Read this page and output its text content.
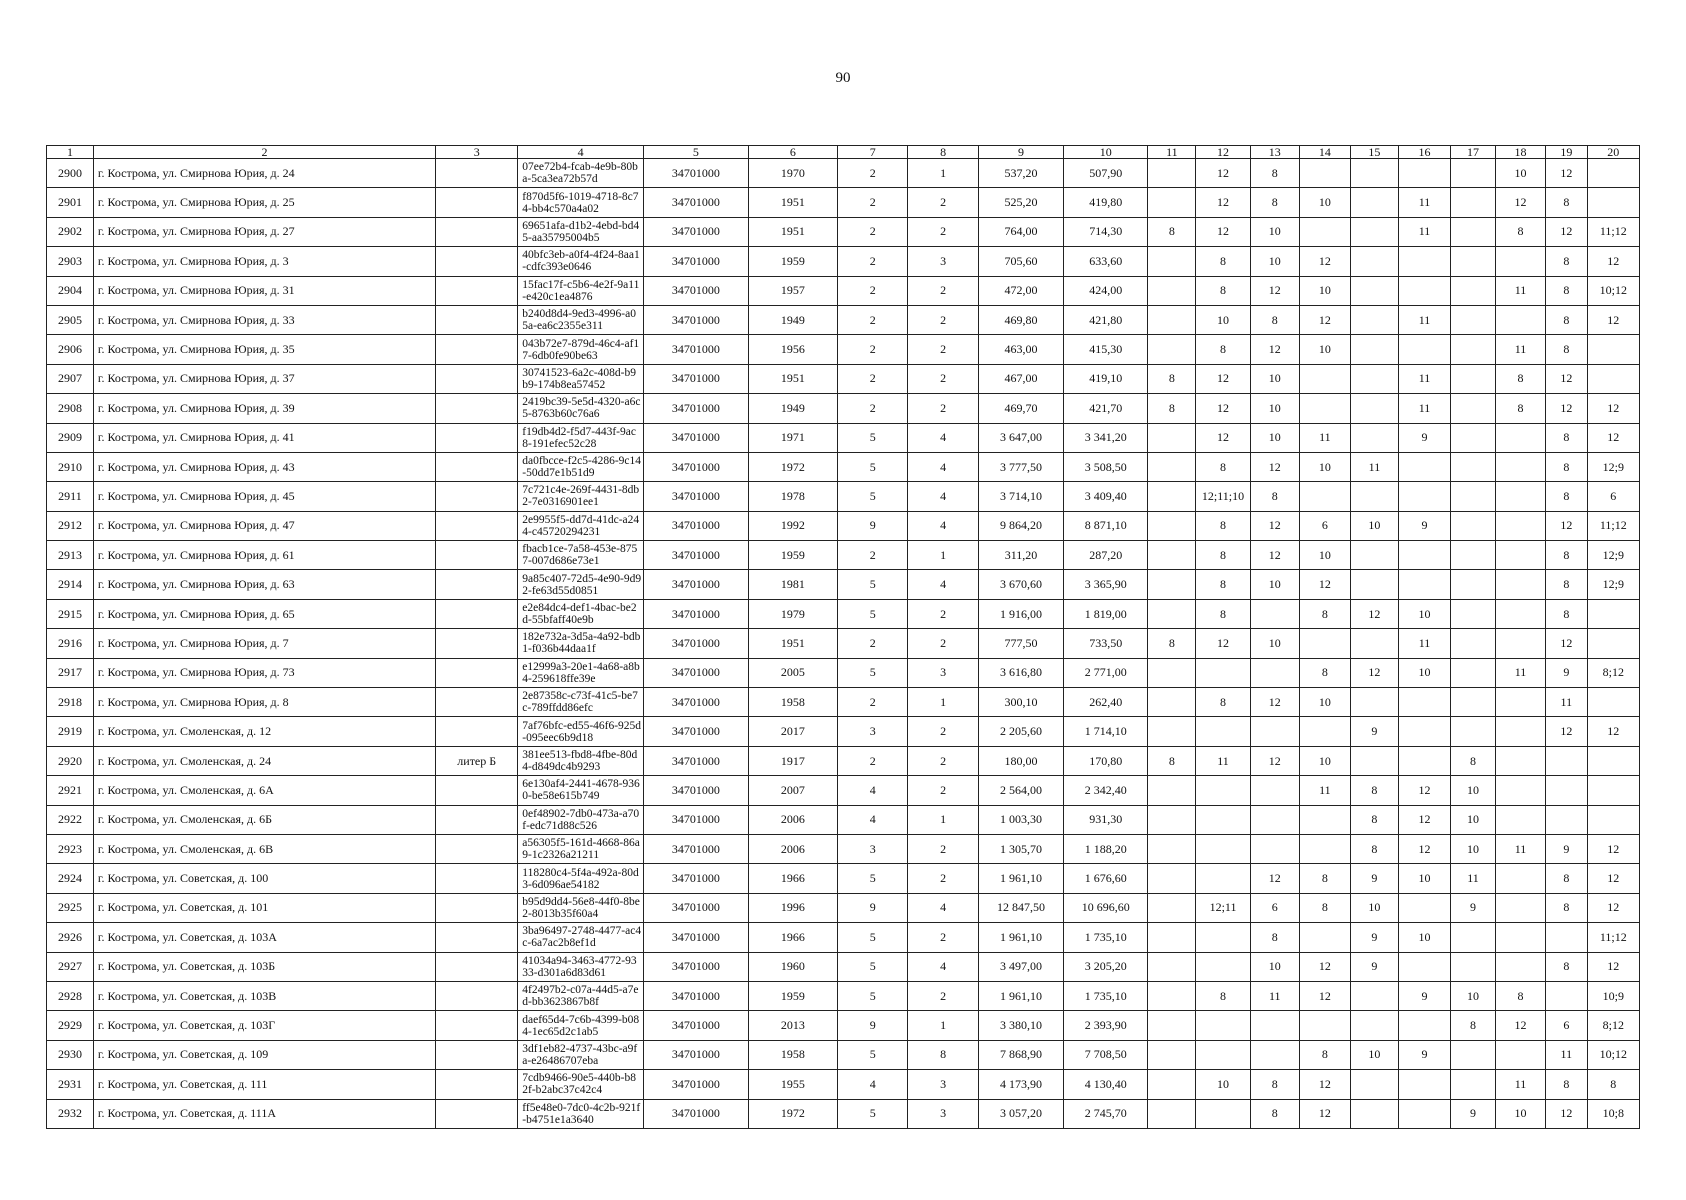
90
1	2	3	4	5	6	7	8	9	10	11	12	13	14	15	16	17	18	19	20
2900	г. Кострома, ул. Смирнова Юрия, д. 24		07ee72b4-fcab-4e9b-80ba-5ca3ea72b57d	34701000	1970	2	1	537,20	507,90		12	8					10	12	
2901	г. Кострома, ул. Смирнова Юрия, д. 25		f870d5f6-1019-4718-8c74-bb4c570a4a02	34701000	1951	2	2	525,20	419,80		12	8	10		11		12	8	
2902	г. Кострома, ул. Смирнова Юрия, д. 27		69651afa-d1b2-4ebd-bd45-aa35795004b5	34701000	1951	2	2	764,00	714,30	8	12	10			11		8	12	11;12
2903	г. Кострома, ул. Смирнова Юрия, д. 3		40bfc3eb-a0f4-4f24-8aa1-cdfc393e0646	34701000	1959	2	3	705,60	633,60		8	10	12					8	12
2904	г. Кострома, ул. Смирнова Юрия, д. 31		15fac17f-c5b6-4e2f-9a11-e420c1ea4876	34701000	1957	2	2	472,00	424,00		8	12	10				11	8	10;12
2905	г. Кострома, ул. Смирнова Юрия, д. 33		b240d8d4-9ed3-4996-a05a-ea6c2355e311	34701000	1949	2	2	469,80	421,80		10	8	12		11			8	12
2906	г. Кострома, ул. Смирнова Юрия, д. 35		043b72e7-879d-46c4-af17-6db0fe90be63	34701000	1956	2	2	463,00	415,30		8	12	10				11	8	
2907	г. Кострома, ул. Смирнова Юрия, д. 37		30741523-6a2c-408d-b9b9-174b8ea57452	34701000	1951	2	2	467,00	419,10	8	12	10			11		8	12	
2908	г. Кострома, ул. Смирнова Юрия, д. 39		2419bc39-5e5d-4320-a6c5-8763b60c76a6	34701000	1949	2	2	469,70	421,70	8	12	10			11		8	12	12
2909	г. Кострома, ул. Смирнова Юрия, д. 41		f19db4d2-f5d7-443f-9ac8-191efec52c28	34701000	1971	5	4	3 647,00	3 341,20		12	10	11		9			8	12
2910	г. Кострома, ул. Смирнова Юрия, д. 43		da0fbcce-f2c5-4286-9c14-50dd7e1b51d9	34701000	1972	5	4	3 777,50	3 508,50		8	12	10	11				8	12;9
2911	г. Кострома, ул. Смирнова Юрия, д. 45		7c721c4e-269f-4431-8db2-7e0316901ee1	34701000	1978	5	4	3 714,10	3 409,40		12;11;10	8						8	6
2912	г. Кострома, ул. Смирнова Юрия, д. 47		2e9955f5-dd7d-41dc-a244-c45720294231	34701000	1992	9	4	9 864,20	8 871,10		8	12	6	10	9			12	11;12
2913	г. Кострома, ул. Смирнова Юрия, д. 61		fbacb1ce-7a58-453e-8757-007d686e73e1	34701000	1959	2	1	311,20	287,20		8	12	10					8	12;9
2914	г. Кострома, ул. Смирнова Юрия, д. 63		9a85c407-72d5-4e90-9d92-fe63d55d0851	34701000	1981	5	4	3 670,60	3 365,90		8	10	12					8	12;9
2915	г. Кострома, ул. Смирнова Юрия, д. 65		e2e84dc4-def1-4bac-be2d-55bfaff40e9b	34701000	1979	5	2	1 916,00	1 819,00		8		8	12	10			8	
2916	г. Кострома, ул. Смирнова Юрия, д. 7		182e732a-3d5a-4a92-bdb1-f036b44daa1f	34701000	1951	2	2	777,50	733,50	8	12	10			11			12	
2917	г. Кострома, ул. Смирнова Юрия, д. 73		e12999a3-20e1-4a68-a8b4-259618ffe39e	34701000	2005	5	3	3 616,80	2 771,00				8	12	10		11	9	8;12
2918	г. Кострома, ул. Смирнова Юрия, д. 8		2e87358c-c73f-41c5-be7c-789ffdd86efc	34701000	1958	2	1	300,10	262,40		8	12	10					11	
2919	г. Кострома, ул. Смоленская, д. 12		7af76bfc-ed55-46f6-925d-095eec6b9d18	34701000	2017	3	2	2 205,60	1 714,10					9				12	12
2920	г. Кострома, ул. Смоленская, д. 24	литер Б	381ee513-fbd8-4fbe-80d4-d849dc4b9293	34701000	1917	2	2	180,00	170,80	8	11	12	10			8			
2921	г. Кострома, ул. Смоленская, д. 6А		6e130af4-2441-4678-9360-be58e615b749	34701000	2007	4	2	2 564,00	2 342,40				11	8	12	10			
2922	г. Кострома, ул. Смоленская, д. 6Б		0ef48902-7db0-473a-a70f-edc71d88c526	34701000	2006	4	1	1 003,30	931,30					8	12	10			
2923	г. Кострома, ул. Смоленская, д. 6В		a56305f5-161d-4668-86a9-1c2326a21211	34701000	2006	3	2	1 305,70	1 188,20					8	12	10	11	9	12
2924	г. Кострома, ул. Советская, д. 100		118280c4-5f4a-492a-80d3-6d096ae54182	34701000	1966	5	2	1 961,10	1 676,60			12	8	9	10	11		8	12
2925	г. Кострома, ул. Советская, д. 101		b95d9dd4-56e8-44f0-8be2-8013b35f60a4	34701000	1996	9	4	12 847,50	10 696,60		12;11	6	8	10		9		8	12
2926	г. Кострома, ул. Советская, д. 103А		3ba96497-2748-4477-ac4c-6a7ac2b8ef1d	34701000	1966	5	2	1 961,10	1 735,10			8		9	10				11;12
2927	г. Кострома, ул. Советская, д. 103Б		41034a94-3463-4772-9333-d301a6d83d61	34701000	1960	5	4	3 497,00	3 205,20			10	12	9				8	12
2928	г. Кострома, ул. Советская, д. 103В		4f2497b2-c07a-44d5-a7ed-bb3623867b8f	34701000	1959	5	2	1 961,10	1 735,10		8	11	12		9	10	8		10;9
2929	г. Кострома, ул. Советская, д. 103Г		daef65d4-7c6b-4399-b084-1ec65d2c1ab5	34701000	2013	9	1	3 380,10	2 393,90							8	12	6	8;12
2930	г. Кострома, ул. Советская, д. 109		3df1eb82-4737-43bc-a9fa-e26486707eba	34701000	1958	5	8	7 868,90	7 708,50				8	10	9			11	10;12
2931	г. Кострома, ул. Советская, д. 111		7cdb9466-90e5-440b-b82f-b2abc37c42c4	34701000	1955	4	3	4 173,90	4 130,40		10	8	12				11	8	8
2932	г. Кострома, ул. Советская, д. 111А		ff5e48e0-7dc0-4c2b-921f-b4751e1a3640	34701000	1972	5	3	3 057,20	2 745,70			8	12			9	10	12	10;8
